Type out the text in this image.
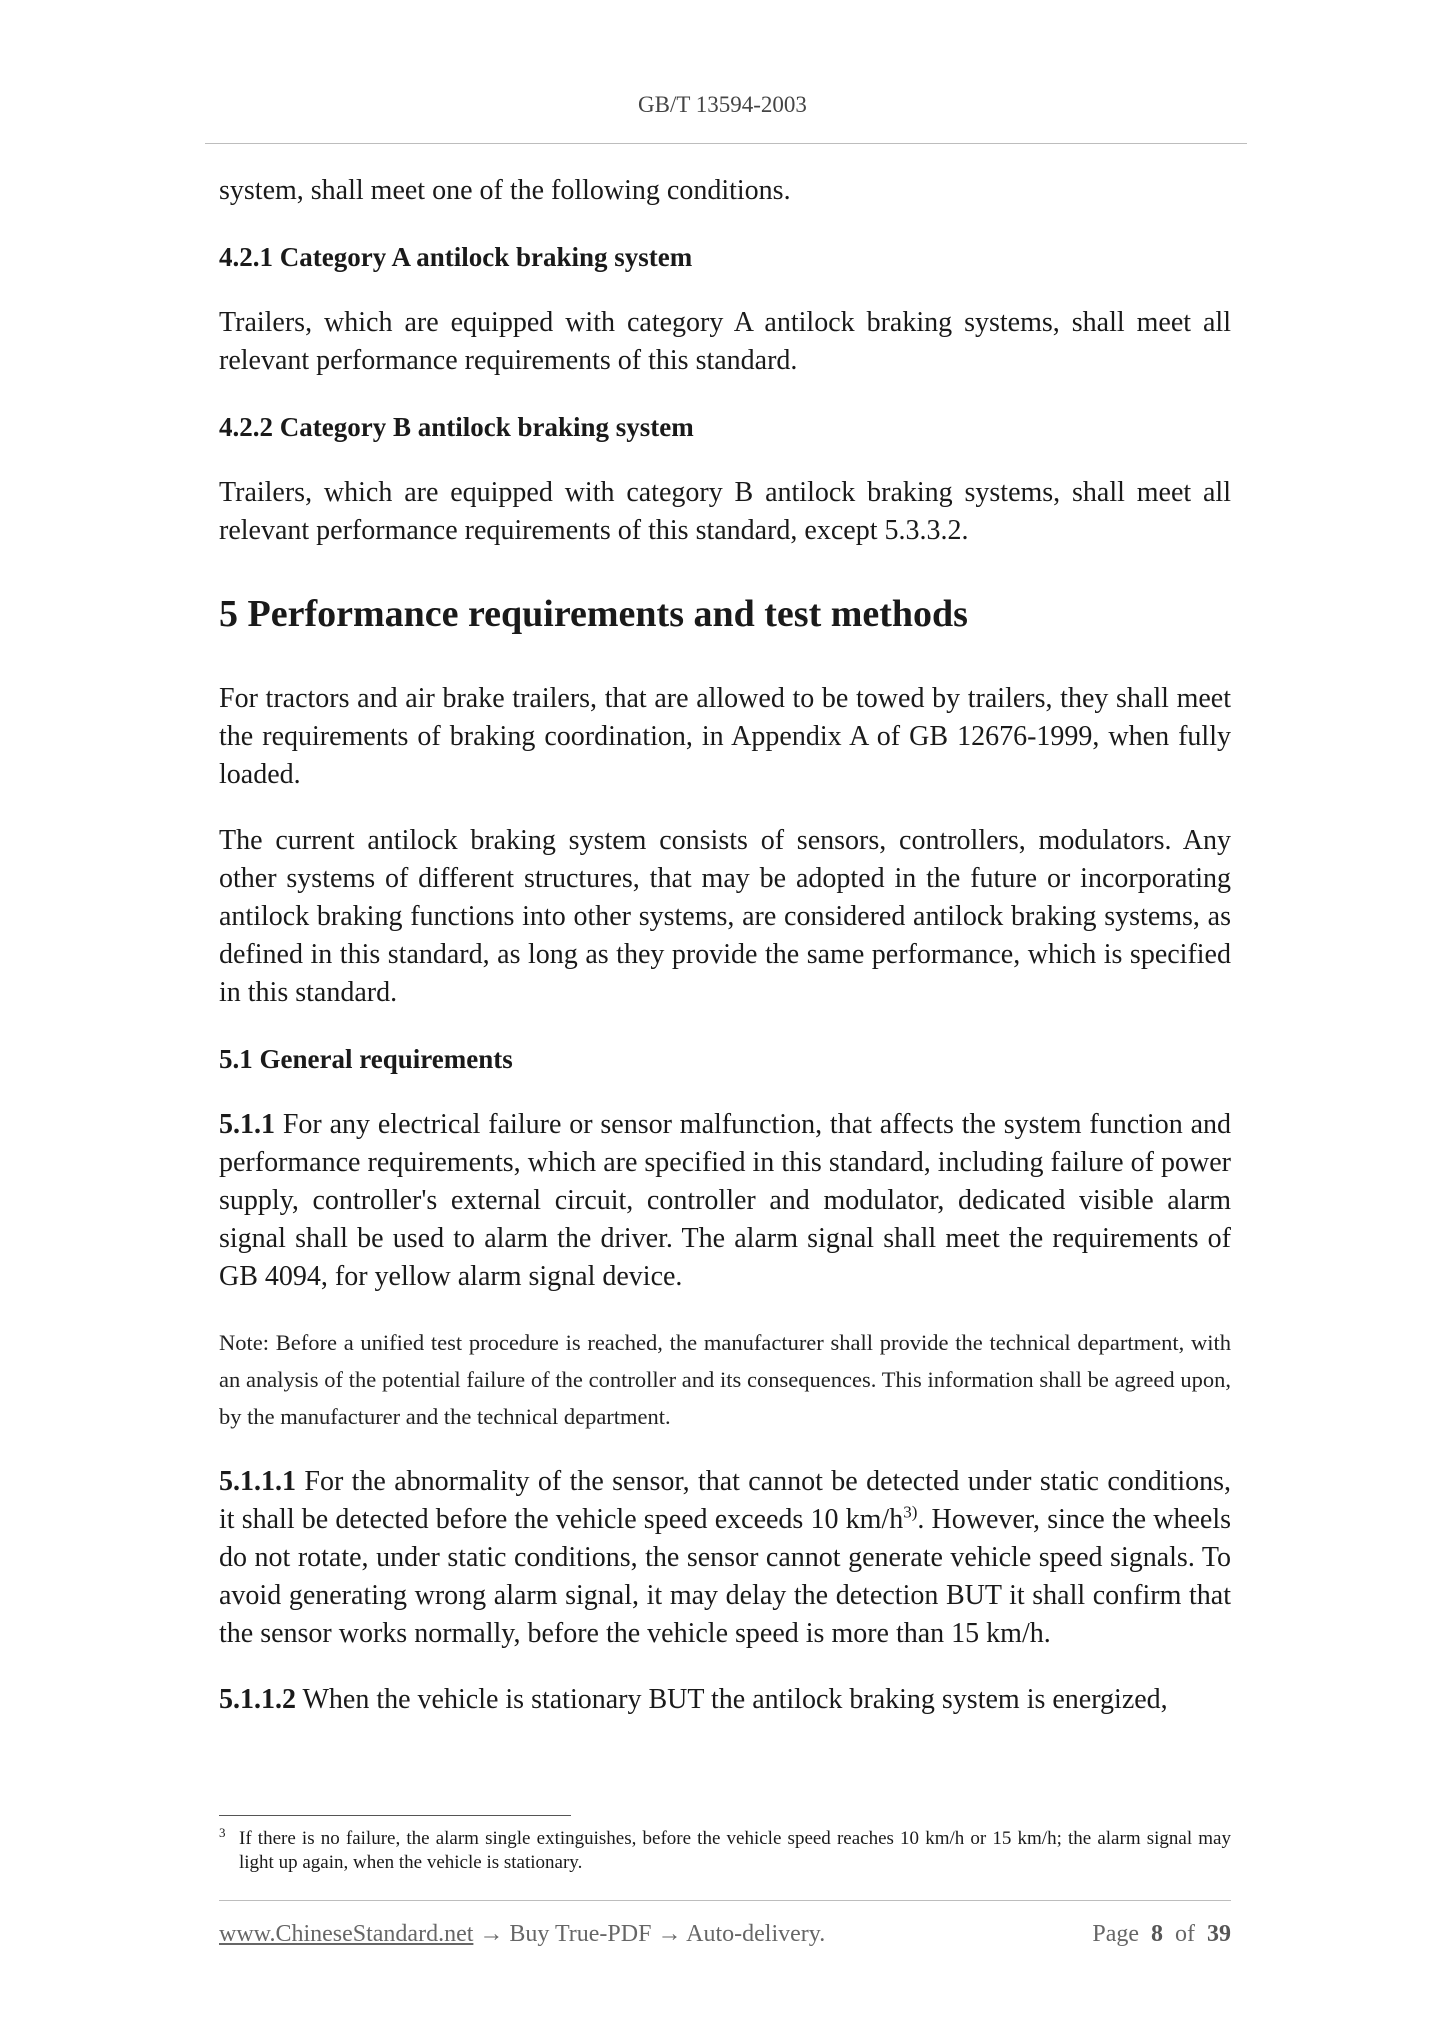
GB/T 13594-2003
system, shall meet one of the following conditions.
4.2.1 Category A antilock braking system
Trailers, which are equipped with category A antilock braking systems, shall meet all relevant performance requirements of this standard.
4.2.2 Category B antilock braking system
Trailers, which are equipped with category B antilock braking systems, shall meet all relevant performance requirements of this standard, except 5.3.3.2.
5 Performance requirements and test methods
For tractors and air brake trailers, that are allowed to be towed by trailers, they shall meet the requirements of braking coordination, in Appendix A of GB 12676-1999, when fully loaded.
The current antilock braking system consists of sensors, controllers, modulators. Any other systems of different structures, that may be adopted in the future or incorporating antilock braking functions into other systems, are considered antilock braking systems, as defined in this standard, as long as they provide the same performance, which is specified in this standard.
5.1 General requirements
5.1.1 For any electrical failure or sensor malfunction, that affects the system function and performance requirements, which are specified in this standard, including failure of power supply, controller's external circuit, controller and modulator, dedicated visible alarm signal shall be used to alarm the driver. The alarm signal shall meet the requirements of GB 4094, for yellow alarm signal device.
Note: Before a unified test procedure is reached, the manufacturer shall provide the technical department, with an analysis of the potential failure of the controller and its consequences. This information shall be agreed upon, by the manufacturer and the technical department.
5.1.1.1 For the abnormality of the sensor, that cannot be detected under static conditions, it shall be detected before the vehicle speed exceeds 10 $km/h^{3)}$. However, since the wheels do not rotate, under static conditions, the sensor cannot generate vehicle speed signals. To avoid generating wrong alarm signal, it may delay the detection BUT it shall confirm that the sensor works normally, before the vehicle speed is more than 15 km/h.
5.1.1.2 When the vehicle is stationary BUT the antilock braking system is energized,
3 If there is no failure, the alarm single extinguishes, before the vehicle speed reaches 10 km/h or 15 km/h; the alarm signal may light up again, when the vehicle is stationary.
www.ChineseStandard.net → Buy True-PDF → Auto-delivery.	Page 8 of 39
